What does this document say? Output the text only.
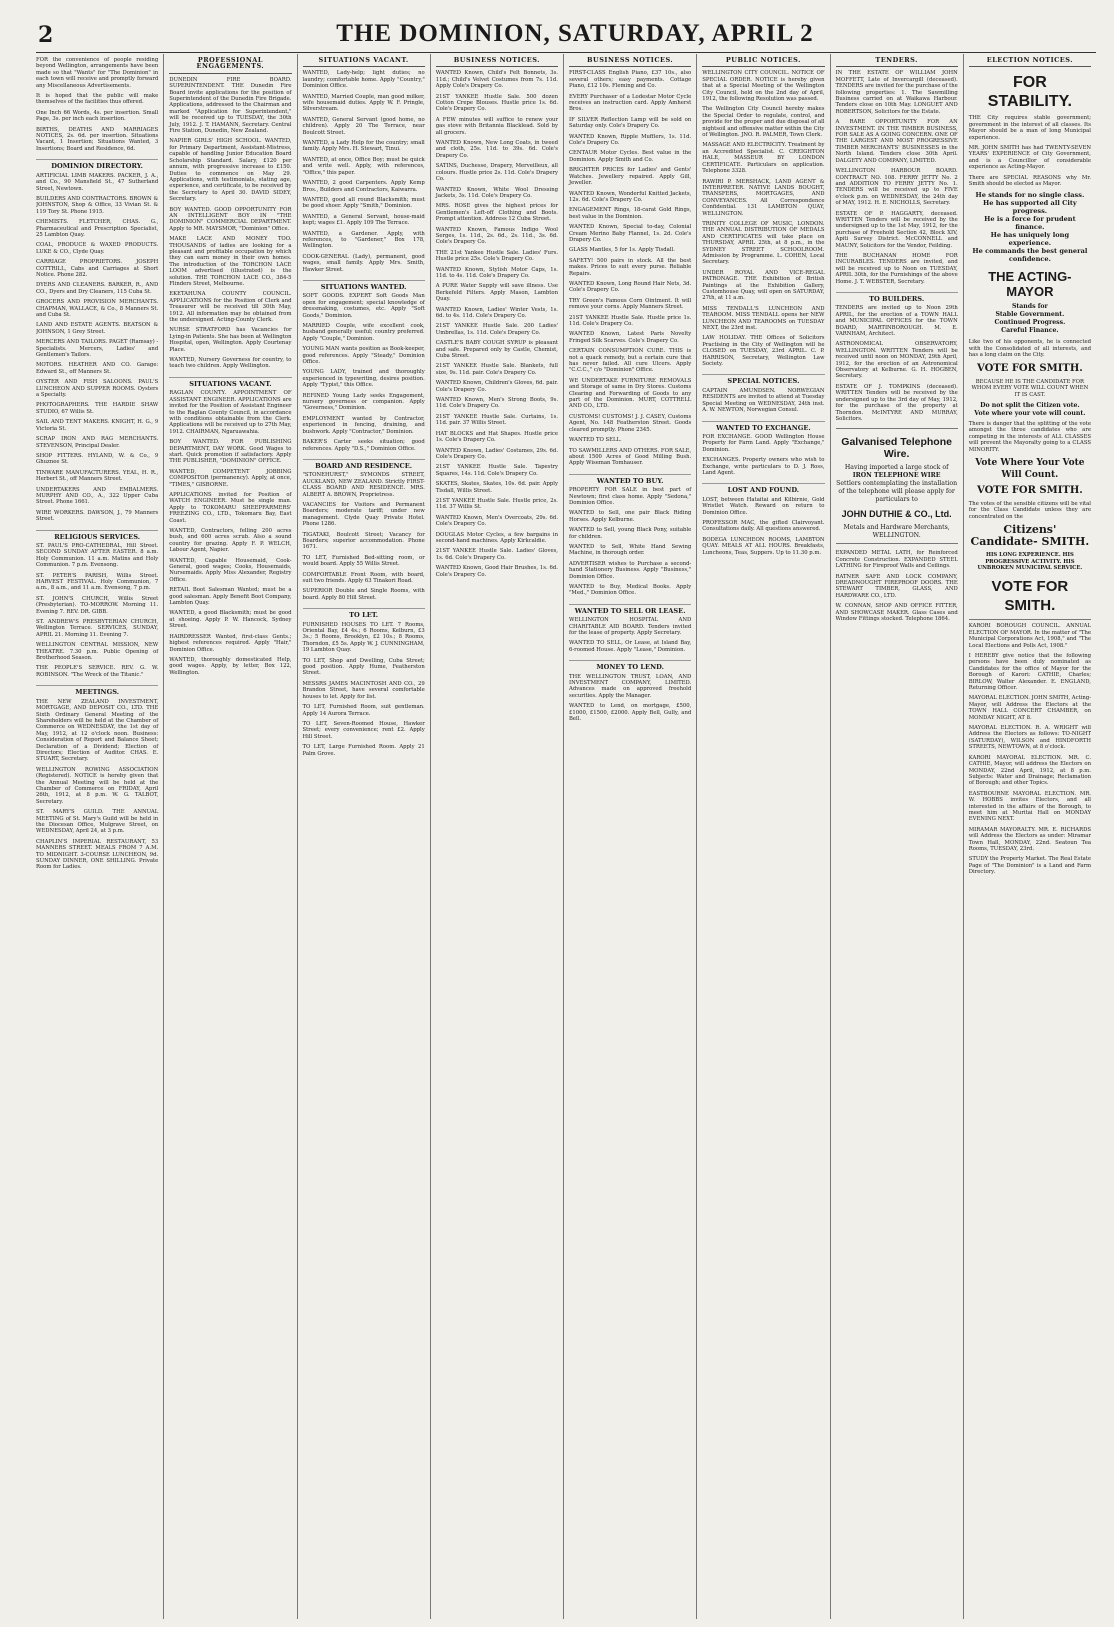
2	THE DOMINION, SATURDAY, APRIL 2
FOR the convenience of people residing beyond Wellington, arrangements have been made so that "Wants" for "The Dominion" in each town will receive and promptly forward any Miscellaneous Advertisements.
It is hoped that the public will make themselves of the facilities thus offered.
One Inch 66 Words, 4s. per insertion. Small Page, 3s. per inch each insertion.
BIRTHS, DEATHS AND MARRIAGES NOTICES, 2s. 6d. per insertion. Situations Vacant, 1 Insertion; Situations Wanted, 3 Insertions; Board and Residence, 6d.
DOMINION DIRECTORY.
ARTIFICIAL LIMB MAKERS. PACKER, J. A., and Co., 90 Mansfield St., 47 Sutherland Street, Newtown.
BUILDERS AND CONTRACTORS. BROWN & JOHNSTON, Shop & Office, 33 Vivian St. & 119 Tory St. Phone 1915.
CHEMISTS. FLETCHER, CHAS. G., Pharmaceutical and Prescription Specialist, 25 Lambton Quay.
COAL, PRODUCE & WAXED PRODUCTS. LUKE & CO., Clyde Quay.
CARRIAGE PROPRIETORS. JOSEPH COTTRILL, Cabs and Carriages at Short Notice. Phone 282.
DYERS AND CLEANERS. BARKER, R., AND CO., Dyers and Dry Cleaners, 115 Cuba St.
GROCERS AND PROVISION MERCHANTS. CHAPMAN, WALLACE, & Co., 8 Manners St. and Cuba St.
LAND AND ESTATE AGENTS. BEATSON & JOHNSON, 1 Grey Street.
MERCERS AND TAILORS. PAGET (Ramsay) - Specialists. Mercers, Ladies' and Gentlemen's Tailors.
MOTORS. HEATHER AND CO. Garage: Edward St., off Manners St.
OYSTER AND FISH SALOONS. PAUL'S LUNCHEON AND SUPPER ROOMS. Oysters a Specialty.
PHOTOGRAPHERS. THE HARDIE SHAW STUDIO, 67 Willis St.
SAIL AND TENT MAKERS. KNIGHT, H. G., 9 Victoria St.
SCRAP IRON AND RAG MERCHANTS. STEVENSON, Principal Dealer.
SHOP FITTERS. HYLAND, W. & Co., 9 Ghuznee St.
TINWARE MANUFACTURERS. YEAL, H. R., Herbert St., off Manners Street.
UNDERTAKERS AND EMBALMERS. MURPHY AND CO., A., 322 Upper Cuba Street. Phone 1661.
WIRE WORKERS. DAWSON, J., 79 Manners Street.
RELIGIOUS SERVICES.
ST. PAUL'S PRO-CATHEDRAL, Hill Street. SECOND SUNDAY AFTER EASTER. 8 a.m. Holy Communion. 11 a.m. Matins and Holy Communion. 7 p.m. Evensong.
ST. PETER'S PARISH, Willis Street. HARVEST FESTIVAL. Holy Communion, 7 a.m., 8 a.m., and 11 a.m. Evensong, 7 p.m.
ST. JOHN'S CHURCH, Willis Street (Presbyterian). TO-MORROW. Morning 11. Evening 7. REV. DR. GIBB.
ST. ANDREW'S PRESBYTERIAN CHURCH, Wellington Terrace. SERVICES, SUNDAY, APRIL 21. Morning 11. Evening 7.
WELLINGTON CENTRAL MISSION, NEW THEATRE. 7.30 p.m. Public Opening of Brotherhood Season.
THE PEOPLE'S SERVICE. REV. G. W. ROBINSON. "The Wreck of the Titanic."
MEETINGS.
THE NEW ZEALAND INVESTMENT, MORTGAGE, AND DEPOSIT CO., LTD. THE Sixth Ordinary General Meeting of the Shareholders will be held at the Chamber of Commerce on WEDNESDAY, the 1st day of May, 1912, at 12 o'clock noon. Business: Consideration of Report and Balance Sheet; Declaration of a Dividend; Election of Directors; Election of Auditor. CHAS. E. STUART, Secretary.
WELLINGTON ROWING ASSOCIATION (Registered). NOTICE is hereby given that the Annual Meeting will be held at the Chamber of Commerce on FRIDAY, April 26th, 1912, at 8 p.m. W. G. TALBOT, Secretary.
ST. MARY'S GUILD. THE ANNUAL MEETING of St. Mary's Guild will be held in the Diocesan Office, Mulgrave Street, on WEDNESDAY, April 24, at 3 p.m.
CHAPLIN'S IMPERIAL RESTAURANT, 53 MANNERS STREET. MEALS FROM 7 A.M. TO MIDNIGHT. 3-COURSE LUNCHEON, 9d. SUNDAY DINNER, ONE SHILLING. Private Room for Ladies.
PROFESSIONAL ENGAGEMENTS.
DUNEDIN FIRE BOARD. SUPERINTENDENT. THE Dunedin Fire Board invite applications for the position of Superintendent of the Dunedin Fire Brigade. Applications, addressed to the Chairman and marked "Application for Superintendent," will be received up to TUESDAY, the 30th July, 1912. J. T. HAMANN, Secretary. Central Fire Station, Dunedin, New Zealand.
NAPIER GIRLS' HIGH SCHOOL. WANTED, for Primary Department, Assistant-Mistress, capable of handling Junior Education Board Scholarship Standard. Salary, £120 per annum, with progressive increase to £150. Duties to commence on May 29. Applications, with testimonials, stating age, experience, and certificate, to be received by the Secretary to April 30. DAVID SIDEY, Secretary.
BOY WANTED. GOOD OPPORTUNITY FOR AN INTELLIGENT BOY IN "THE DOMINION" COMMERCIAL DEPARTMENT. Apply to MR. MAYSMOR, "Dominion" Office.
MAKE LACE AND MONEY TOO. THOUSANDS of ladies are looking for a pleasant and profitable occupation by which they can earn money in their own homes. The introduction of the TORCHON LACE LOOM advertised (illustrated) is the solution. THE TORCHON LACE CO., 384-5 Flinders Street, Melbourne.
EKETAHUNA COUNTY COUNCIL. APPLICATIONS for the Position of Clerk and Treasurer will be received till 30th May, 1912. All information may be obtained from the undersigned. Acting-County Clerk.
NURSE STRATFORD has Vacancies for Lying-in Patients. She has been at Wellington Hospital, open, Wellington. Apply Courtenay Place.
WANTED, Nursery Governess for country, to teach two children. Apply Wellington.
SITUATIONS VACANT.
RAGLAN COUNTY. APPOINTMENT OF ASSISTANT ENGINEER. APPLICATIONS are invited for the Position of Assistant Engineer to the Raglan County Council, in accordance with conditions obtainable from the Clerk. Applications will be received up to 27th May, 1912. CHAIRMAN, Ngaruawahia.
BOY WANTED. FOR PUBLISHING DEPARTMENT, DAY WORK. Good Wages to start. Quick promotion if satisfactory. Apply THE PUBLISHER, "DOMINION" OFFICE.
WANTED, COMPETENT JOBBING COMPOSITOR (permanency). Apply, at once, "TIMES," GISBORNE.
APPLICATIONS invited for Position of WATCH ENGINEER. Must be single man. Apply to TOKOMARU SHEEPFARMERS' FREEZING CO., LTD., Tokomaru Bay, East Coast.
WANTED, Contractors, felling 200 acres bush, and 600 acres scrub. Also a sound country for grazing. Apply F. P. WELCH, Labour Agent, Napier.
WANTED, Capable Housemaid, Cook-General, good wages; Cooks, Housemaids, Nursemaids. Apply Miss Alexander, Registry Office.
RETAIL Boot Salesman Wanted; must be a good salesman. Apply Benefit Boot Company, Lambton Quay.
WANTED, a good Blacksmith; must be good at shoeing. Apply P. W. Hancock, Sydney Street.
HAIRDRESSER Wanted, first-class Gents.; highest references required. Apply "Hair," Dominion Office.
WANTED, thoroughly domesticated Help, good wages. Apply, by letter, Box 122, Wellington.
SITUATIONS VACANT.
WANTED, Lady-help; light duties; no laundry; comfortable home. Apply "Country," Dominion Office.
WANTED, Married Couple, man good milker, wife housemaid duties. Apply W. F. Pringle, Silverstream.
WANTED, General Servant (good home, no children). Apply 20 The Terrace, near Boulcott Street.
WANTED, a Lady Help for the country; small family. Apply Mrs. H. Stewart, Tinui.
WANTED, at once, Office Boy; must be quick and write well. Apply, with references, "Office," this paper.
WANTED, 2 good Carpenters. Apply Kemp Bros., Builders and Contractors, Kaiwarra.
WANTED, good all round Blacksmith; must be good shoer. Apply "Smith," Dominion.
WANTED, a General Servant, house-maid kept; wages £1. Apply 109 The Terrace.
WANTED, a Gardener. Apply, with references, to "Gardener," Box 178, Wellington.
COOK-GENERAL (Lady), permanent, good wages, small family. Apply Mrs. Smith, Hawker Street.
SITUATIONS WANTED.
SOFT GOODS. EXPERT Soft Goods Man open for engagement; special knowledge of dressmaking, costumes, etc. Apply "Soft Goods," Dominion.
MARRIED Couple, wife excellent cook, husband generally useful; country preferred. Apply "Couple," Dominion.
YOUNG MAN wants position as Book-keeper, good references. Apply "Steady," Dominion Office.
YOUNG LADY, trained and thoroughly experienced in typewriting, desires position. Apply "Typist," this Office.
REFINED Young Lady seeks Engagement, nursery governess or companion. Apply "Governess," Dominion.
EMPLOYMENT wanted by Contractor, experienced in fencing, draining, and bushwork. Apply "Contractor," Dominion.
BAKER'S Carter seeks situation; good references. Apply "D.S.," Dominion Office.
BOARD AND RESIDENCE.
"STONEHURST," SYMONDS STREET, AUCKLAND, NEW ZEALAND. Strictly FIRST-CLASS BOARD AND RESIDENCE. MRS. ALBERT A. BROWN, Proprietress.
VACANCIES for Visitors and Permanent Boarders; moderate tariff; under new management. Clyde Quay Private Hotel. Phone 1286.
TIGATAKI, Boulcott Street; Vacancy for Boarders; superior accommodation. Phone 1671.
TO LET, Furnished Bed-sitting room, or would board. Apply 55 Willis Street.
COMFORTABLE Front Room, with board, suit two friends. Apply 63 Tinakori Road.
SUPERIOR Double and Single Rooms, with board. Apply 80 Hill Street.
TO LET.
FURNISHED HOUSES TO LET. 7 Rooms, Oriental Bay, £4 4s.; 6 Rooms, Kelburn, £3 3s.; 5 Rooms, Brooklyn, £2 10s.; 8 Rooms, Thorndon, £5 5s. Apply W. J. CUNNINGHAM, 19 Lambton Quay.
TO LET, Shop and Dwelling, Cuba Street; good position. Apply Hume, Featherston Street.
MESSRS JAMES MACINTOSH AND CO., 29 Brandon Street, have several comfortable houses to let. Apply for list.
TO LET, Furnished Room, suit gentleman. Apply 14 Aurora Terrace.
TO LET, Seven-Roomed House, Hawker Street; every convenience; rent £2. Apply Hill Street.
TO LET, Large Furnished Room. Apply 21 Palm Grove.
BUSINESS NOTICES.
WANTED Known, Child's Felt Bonnets, 3s. 11d.; Child's Velvet Costumes from 7s. 11d. Apply Cole's Drapery Co.
21ST YANKEE Hustle Sale. 500 dozen Cotton Crepe Blouses. Hustle price 1s. 6d. Cole's Drapery Co.
A FEW minutes will suffice to renew your gas stove with Britannia Blacklead. Sold by all grocers.
WANTED Known, New Long Coats, in tweed and cloth, 25s. 11d. to 39s. 6d. Cole's Drapery Co.
SATINS, Duchesse, Drapery, Merveilleux, all colours. Hustle price 2s. 11d. Cole's Drapery Co.
WANTED Known, White Wool Dressing Jackets, 3s. 11d. Cole's Drapery Co.
MRS. ROSE gives the highest prices for Gentlemen's Left-off Clothing and Boots. Prompt attention. Address 12 Cuba Street.
WANTED Known, Famous Indigo Wool Serges, 1s. 11d., 2s. 6d., 2s. 11d., 3s. 6d. Cole's Drapery Co.
THE 21st Yankee Hustle Sale. Ladies' Furs. Hustle price 25s. Cole's Drapery Co.
WANTED Known, Stylish Motor Caps, 1s. 11d. to 4s. 11d. Cole's Drapery Co.
A PURE Water Supply will save illness. Use Berkefeld Filters. Apply Mason, Lambton Quay.
WANTED Known, Ladies' Winter Vests, 1s. 6d. to 4s. 11d. Cole's Drapery Co.
21ST YANKEE Hustle Sale. 200 Ladies' Umbrellas, 1s. 11d. Cole's Drapery Co.
CASTLE'S BABY COUGH SYRUP is pleasant and safe. Prepared only by Castle, Chemist, Cuba Street.
21ST YANKEE Hustle Sale. Blankets, full size, 9s. 11d. pair. Cole's Drapery Co.
WANTED Known, Children's Gloves, 6d. pair. Cole's Drapery Co.
WANTED Known, Men's Strong Boots, 9s. 11d. Cole's Drapery Co.
21ST YANKEE Hustle Sale. Curtains, 1s. 11d. pair. 37 Willis Street.
HAT BLOCKS and Hat Shapes. Hustle price 1s. Cole's Drapery Co.
WANTED Known, Ladies' Costumes, 29s. 6d. Cole's Drapery Co.
21ST YANKEE Hustle Sale. Tapestry Squares, 14s. 11d. Cole's Drapery Co.
SKATES, Skates, Skates, 10s. 6d. pair. Apply Tisdall, Willis Street.
21ST YANKEE Hustle Sale. Hustle price, 2s. 11d. 37 Willis St.
WANTED Known, Men's Overcoats, 29s. 6d. Cole's Drapery Co.
DOUGLAS Motor Cycles, a few bargains in second-hand machines. Apply Kirkcaldie.
21ST YANKEE Hustle Sale. Ladies' Gloves, 1s. 6d. Cole's Drapery Co.
WANTED Known, Good Hair Brushes, 1s. 6d. Cole's Drapery Co.
BUSINESS NOTICES.
FIRST-CLASS English Piano, £37 10s., also several others; easy payments. Cottage Piano, £12 10s. Fleming and Co.
EVERY Purchaser of a Lodestar Motor Cycle receives an instruction card. Apply Amherst Bros.
IF SILVER Reflection Lamp will be sold on Saturday only. Cole's Drapery Co.
WANTED Known, Ripple Mufflers, 1s. 11d. Cole's Drapery Co.
CENTAUR Motor Cycles. Best value in the Dominion. Apply Smith and Co.
BRIGHTER PRICES for Ladies' and Gents' Watches. Jewellery repaired. Apply Gill, Jeweller.
WANTED Known, Wonderful Knitted Jackets, 12s. 6d. Cole's Drapery Co.
ENGAGEMENT Rings, 18-carat Gold Rings, best value in the Dominion.
WANTED Known, Special to-day, Colonial Cream Merino Baby Flannel, 1s. 2d. Cole's Drapery Co.
GLASS Mantles, 5 for 1s. Apply Tisdall.
SAFETY! 500 pairs in stock. All the best makes. Prices to suit every purse. Reliable Repairs.
WANTED Known, Long Round Hair Nets, 3d. Cole's Drapery Co.
TRY Green's Famous Corn Ointment. It will remove your corns. Apply Manners Street.
21ST YANKEE Hustle Sale. Hustle price 1s. 11d. Cole's Drapery Co.
WANTED Known, Latest Paris Novelty Fringed Silk Scarves. Cole's Drapery Co.
CERTAIN CONSUMPTION CURE. THIS is not a quack remedy, but a certain cure that has never failed. All cure Ulcers. Apply "C.C.C.," c/o "Dominion" Office.
WE UNDERTAKE FURNITURE REMOVALS and Storage of same in Dry Stores. Customs Clearing and Forwarding of Goods to any part of the Dominion. MURT, COTTRELL AND CO., LTD.
CUSTOMS! CUSTOMS! J. J. CASEY, Customs Agent, No. 148 Featherston Street. Goods cleared promptly. Phone 2345.
WANTED TO SELL.
TO SAWMILLERS AND OTHERS. FOR SALE, about 1500 Acres of Good Milling Bush. Apply Wiseman Tomhauser.
WANTED TO BUY.
PROPERTY FOR SALE in best part of Newtown; first class home. Apply "Sedona," Dominion Office.
WANTED to Sell, one pair Black Riding Horses. Apply Kelburne.
WANTED to Sell, young Black Pony, suitable for children.
WANTED to Sell, White Hand Sewing Machine, in thorough order.
ADVERTISER wishes to Purchase a second-hand Stationery Business. Apply "Business," Dominion Office.
WANTED to Buy, Medical Books. Apply "Med.," Dominion Office.
WANTED TO SELL OR LEASE.
WELLINGTON HOSPITAL AND CHARITABLE AID BOARD. Tenders invited for the lease of property. Apply Secretary.
WANTED TO SELL, Or Lease, at Island Bay, 6-roomed House. Apply "Lease," Dominion.
MONEY TO LEND.
THE WELLINGTON TRUST, LOAN, AND INVESTMENT COMPANY, LIMITED. Advances made on approved freehold securities. Apply the Manager.
WANTED to Lend, on mortgage, £500, £1000, £1500, £2000. Apply Bell, Gully, and Bell.
PUBLIC NOTICES.
WELLINGTON CITY COUNCIL. NOTICE OF SPECIAL ORDER. NOTICE is hereby given that at a Special Meeting of the Wellington City Council, held on the 2nd day of April, 1912, the following Resolution was passed.
The Wellington City Council hereby makes the Special Order to regulate, control, and provide for the proper and due disposal of all nightsoil and offensive matter within the City of Wellington. JNO. R. PALMER, Town Clerk.
MASSAGE AND ELECTRICITY. Treatment by an Accredited Specialist. C. CREIGHTON HALE, MASSEUR BY LONDON CERTIFICATE. Particulars on application. Telephone 3328.
RAWIRI P. MERSHACK, LAND AGENT & INTERPRETER. NATIVE LANDS BOUGHT, TRANSFERS, MORTGAGES, AND CONVEYANCES. All Correspondence Confidential. 131 LAMBTON QUAY, WELLINGTON.
TRINITY COLLEGE OF MUSIC, LONDON. THE ANNUAL DISTRIBUTION OF MEDALS AND CERTIFICATES will take place on THURSDAY, APRIL 25th, at 8 p.m., in the SYDNEY STREET SCHOOLROOM. Admission by Programme. L. COHEN, Local Secretary.
UNDER ROYAL AND VICE-REGAL PATRONAGE. THE Exhibition of British Paintings at the Exhibition Gallery, Customhouse Quay, will open on SATURDAY, 27th, at 11 a.m.
MISS TENDALL'S LUNCHEON AND TEAROOM. MISS TENDALL opens her NEW LUNCHEON AND TEAROOMS on TUESDAY NEXT, the 23rd inst.
LAW HOLIDAY. THE Offices of Solicitors Practising in the City of Wellington will be CLOSED on TUESDAY, 23rd APRIL. C. P. HARRISON, Secretary, Wellington Law Society.
SPECIAL NOTICES.
CAPTAIN AMUNDSEN. NORWEGIAN RESIDENTS are invited to attend at Tuesday Special Meeting on WEDNESDAY, 24th inst. A. W. NEWTON, Norwegian Consul.
WANTED TO EXCHANGE.
FOR EXCHANGE. GOOD Wellington House Property for Farm Land. Apply "Exchange," Dominion.
EXCHANGES. Property owners who wish to Exchange, write particulars to D. J. Ross, Land Agent.
LOST AND FOUND.
LOST, between Hataitai and Kilbirnie, Gold Wristlet Watch. Reward on return to Dominion Office.
PROFESSOR MAC, the gifted Clairvoyant. Consultations daily. All questions answered.
BODEGA LUNCHEON ROOMS, LAMBTON QUAY. MEALS AT ALL HOURS. Breakfasts, Luncheons, Teas, Suppers. Up to 11.30 p.m.
TENDERS.
IN THE ESTATE OF WILLIAM JOHN MOFFETT, Late of Invercargill (deceased). TENDERS are invited for the purchase of the following properties: 1. The Sawmilling Business carried on at Waikawa Harbour. Tenders close on 10th May. LONGUET AND ROBERTSON, Solicitors for the Estate.
A RARE OPPORTUNITY FOR AN INVESTMENT. IN THE TIMBER BUSINESS, FOR SALE AS A GOING CONCERN. ONE OF THE LARGEST AND MOST PROGRESSIVE TIMBER MERCHANTS' BUSINESSES in the North Island. Tenders close 30th April. DALGETY AND COMPANY, LIMITED.
WELLINGTON HARBOUR BOARD. CONTRACT NO. 108. FERRY JETTY No. 2 and ADDITION TO FERRY JETTY No. 1. TENDERS will be received up to FIVE o'clock p.m. on WEDNESDAY, the 24th day of MAY, 1912. H. E. NICHOLLS, Secretary.
ESTATE OF P. HAGGARTY, deceased. WRITTEN Tenders will be received by the undersigned up to the 1st May, 1912, for the purchase of Freehold Section 42, Block XIV, Apiti Survey District. McCONNELL and MAUNY, Solicitors for the Vendor, Feilding.
THE BUCHANAN HOME FOR INCURABLES. TENDERS are invited, and will be received up to Noon on TUESDAY, APRIL 30th, for the Furnishings of the above Home. J. T. WEBSTER, Secretary.
TO BUILDERS.
TENDERS are invited up to Noon 29th APRIL, for the erection of a TOWN HALL and MUNICIPAL OFFICES for the TOWN BOARD, MARTINBOROUGH. M. E. VARNHAM, Architect.
ASTRONOMICAL OBSERVATORY, WELLINGTON. WRITTEN Tenders will be received until noon on MONDAY, 29th April, 1912, for the erection of an Astronomical Observatory at Kelburne. G. H. HOGBEN, Secretary.
ESTATE OF J. TOMPKINS (deceased). WRITTEN Tenders will be received by the undersigned up to the 3rd day of May, 1912, for the purchase of the property at Thorndon. McINTYRE AND MURRAY, Solicitors.
Galvanised Telephone Wire.
Having imported a large stock of
IRON TELEPHONE WIRE
Settlers contemplating the installation of the telephone will please apply for particulars to
JOHN DUTHIE & CO., Ltd.
Metals and Hardware Merchants, WELLINGTON.
EXPANDED METAL LATH, for Reinforced Concrete Construction. EXPANDED STEEL LATHING for Fireproof Walls and Ceilings.
RATNER SAFE AND LOCK COMPANY, DREADNOUGHT FIREPROOF DOORS. THE STEWART TIMBER, GLASS, AND HARDWARE CO., LTD.
W. CONNAN, SHOP AND OFFICE FITTER, AND SHOWCASE MAKER. Glass Cases and Window Fittings stocked. Telephone 1864.
ELECTION NOTICES.
FOR STABILITY.
THE City requires stable government; government in the interest of all classes. Its Mayor should be a man of long Municipal experience.
MR. JOHN SMITH has had TWENTY-SEVEN YEARS' EXPERIENCE of City Government, and is a Councillor of considerable experience as Acting-Mayor.
There are SPECIAL REASONS why Mr. Smith should be elected as Mayor.
He stands for no single class.
He has supported all City progress.
He is a force for prudent finance.
He has uniquely long experience.
He commands the best general confidence.
THE ACTING-MAYOR
Stands for
Stable Government.
Continued Progress.
Careful Finance.
Like two of his opponents, he is connected with the Consolidated of all interests, and has a long claim on the City.
VOTE FOR SMITH.
BECAUSE HE IS THE CANDIDATE FOR WHOM EVERY VOTE WILL COUNT WHEN IT IS CAST.
Do not split the Citizen vote.
Vote where your vote will count.
There is danger that the splitting of the vote amongst the three candidates who are competing in the interests of ALL CLASSES will prevent the Mayoralty going to a CLASS MINORITY.
Vote Where Your Vote Will Count.
VOTE FOR SMITH.
The votes of the sensible citizens will be vital for the Class Candidate unless they are concentrated on the
Citizens' Candidate- SMITH.
HIS LONG EXPERIENCE. HIS PROGRESSIVE ACTIVITY. HIS UNBROKEN MUNICIPAL SERVICE.
VOTE FOR SMITH.
KARORI BOROUGH COUNCIL. ANNUAL ELECTION OF MAYOR. In the matter of "The Municipal Corporations Act, 1908," and "The Local Elections and Polls Act, 1908."
I HEREBY give notice that the following persons have been duly nominated as Candidates for the office of Mayor for the Borough of Karori: CATHIE, Charles; BIRLOW, Walter Alexander. E. ENGLAND, Returning Officer.
MAYORAL ELECTION. JOHN SMITH, Acting-Mayor, will Address the Electors at the TOWN HALL CONCERT CHAMBER, on MONDAY NIGHT, AT 8.
MAYORAL ELECTION. R. A. WRIGHT will Address the Electors as follows: TO-NIGHT (SATURDAY), WILSON and HINDFORTH STREETS, NEWTOWN, at 8 o'clock.
KARORI MAYORAL ELECTION. MR. C. CATHIE, Mayor, will address the Electors on MONDAY, 22nd April, 1912, at 8 p.m. Subjects: Water and Drainage; Reclamation of Borough; and other Topics.
EASTBOURNE MAYORAL ELECTION. MR. W. HOBBS invites Electors, and all interested in the affairs of the Borough, to meet him at Muritai Hall on MONDAY EVENING NEXT.
MIRAMAR MAYORALTY. MR. E. RICHARDS will Address the Electors as under: Miramar Town Hall, MONDAY, 22nd. Seatoun Tea Rooms, TUESDAY, 23rd.
STUDY the Property Market. The Real Estate Page of "The Dominion" is a Land and Farm Directory.
